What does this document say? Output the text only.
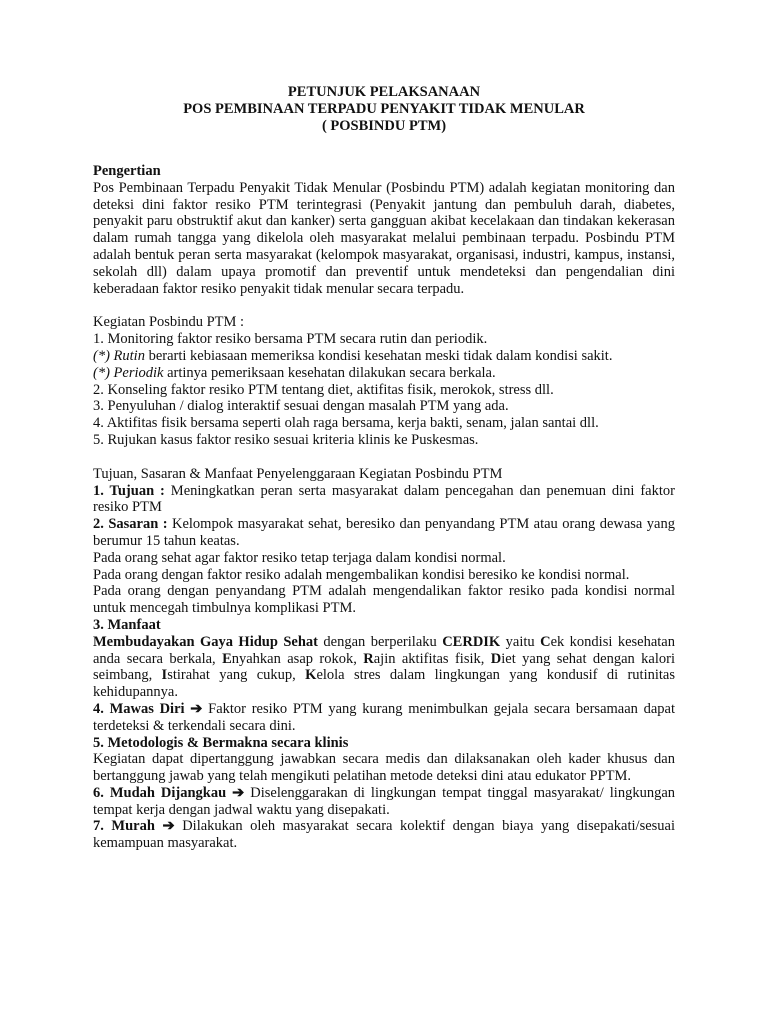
PETUNJUK PELAKSANAAN
POS PEMBINAAN TERPADU PENYAKIT TIDAK MENULAR
( POSBINDU PTM)

Pengertian

Pos Pembinaan Terpadu Penyakit Tidak Menular (Posbindu PTM) adalah kegiatan monitoring dan deteksi dini faktor resiko PTM terintegrasi (Penyakit jantung dan pembuluh darah, diabetes, penyakit paru obstruktif akut dan kanker) serta gangguan akibat kecelakaan dan tindakan kekerasan dalam rumah tangga yang dikelola oleh masyarakat melalui pembinaan terpadu. Posbindu PTM adalah bentuk peran serta masyarakat (kelompok masyarakat, organisasi, industri, kampus, instansi, sekolah dll) dalam upaya promotif dan preventif untuk mendeteksi dan pengendalian dini keberadaan faktor resiko penyakit tidak menular secara terpadu.

Kegiatan Posbindu PTM :

1. Monitoring faktor resiko bersama PTM secara rutin dan periodik.

(*) Rutin berarti kebiasaan memeriksa kondisi kesehatan meski tidak dalam kondisi sakit.

(*) Periodik artinya pemeriksaan kesehatan dilakukan secara berkala.

2. Konseling faktor resiko PTM tentang diet, aktifitas fisik, merokok, stress dll.

3. Penyuluhan / dialog interaktif sesuai dengan masalah PTM yang ada.

4. Aktifitas fisik bersama seperti olah raga bersama, kerja bakti, senam, jalan santai dll.

5. Rujukan kasus faktor resiko sesuai kriteria klinis ke Puskesmas.

Tujuan, Sasaran & Manfaat Penyelenggaraan Kegiatan Posbindu PTM

1. Tujuan : Meningkatkan peran serta masyarakat dalam pencegahan dan penemuan dini faktor resiko PTM

2. Sasaran : Kelompok masyarakat sehat, beresiko dan penyandang PTM atau orang dewasa yang berumur 15 tahun keatas.

Pada orang sehat agar faktor resiko tetap terjaga dalam kondisi normal.

Pada orang dengan faktor resiko adalah mengembalikan kondisi beresiko ke kondisi normal.

Pada orang dengan penyandang PTM adalah mengendalikan faktor resiko pada kondisi normal untuk mencegah timbulnya komplikasi PTM.

3. Manfaat

Membudayakan Gaya Hidup Sehat dengan berperilaku CERDIK yaitu Cek kondisi kesehatan anda secara berkala, Enyahkan asap rokok, Rajin aktifitas fisik, Diet yang sehat dengan kalori seimbang, Istirahat yang cukup, Kelola stres dalam lingkungan yang kondusif di rutinitas kehidupannya.

4. Mawas Diri ➔ Faktor resiko PTM yang kurang menimbulkan gejala secara bersamaan dapat terdeteksi & terkendali secara dini.

5. Metodologis & Bermakna secara klinis

Kegiatan dapat dipertanggung jawabkan secara medis dan dilaksanakan oleh kader khusus dan bertanggung jawab yang telah mengikuti pelatihan metode deteksi dini atau edukator PPTM.

6. Mudah Dijangkau ➔ Diselenggarakan di lingkungan tempat tinggal masyarakat/ lingkungan tempat kerja dengan jadwal waktu yang disepakati.

7. Murah ➔ Dilakukan oleh masyarakat secara kolektif dengan biaya yang disepakati/sesuai kemampuan masyarakat.
